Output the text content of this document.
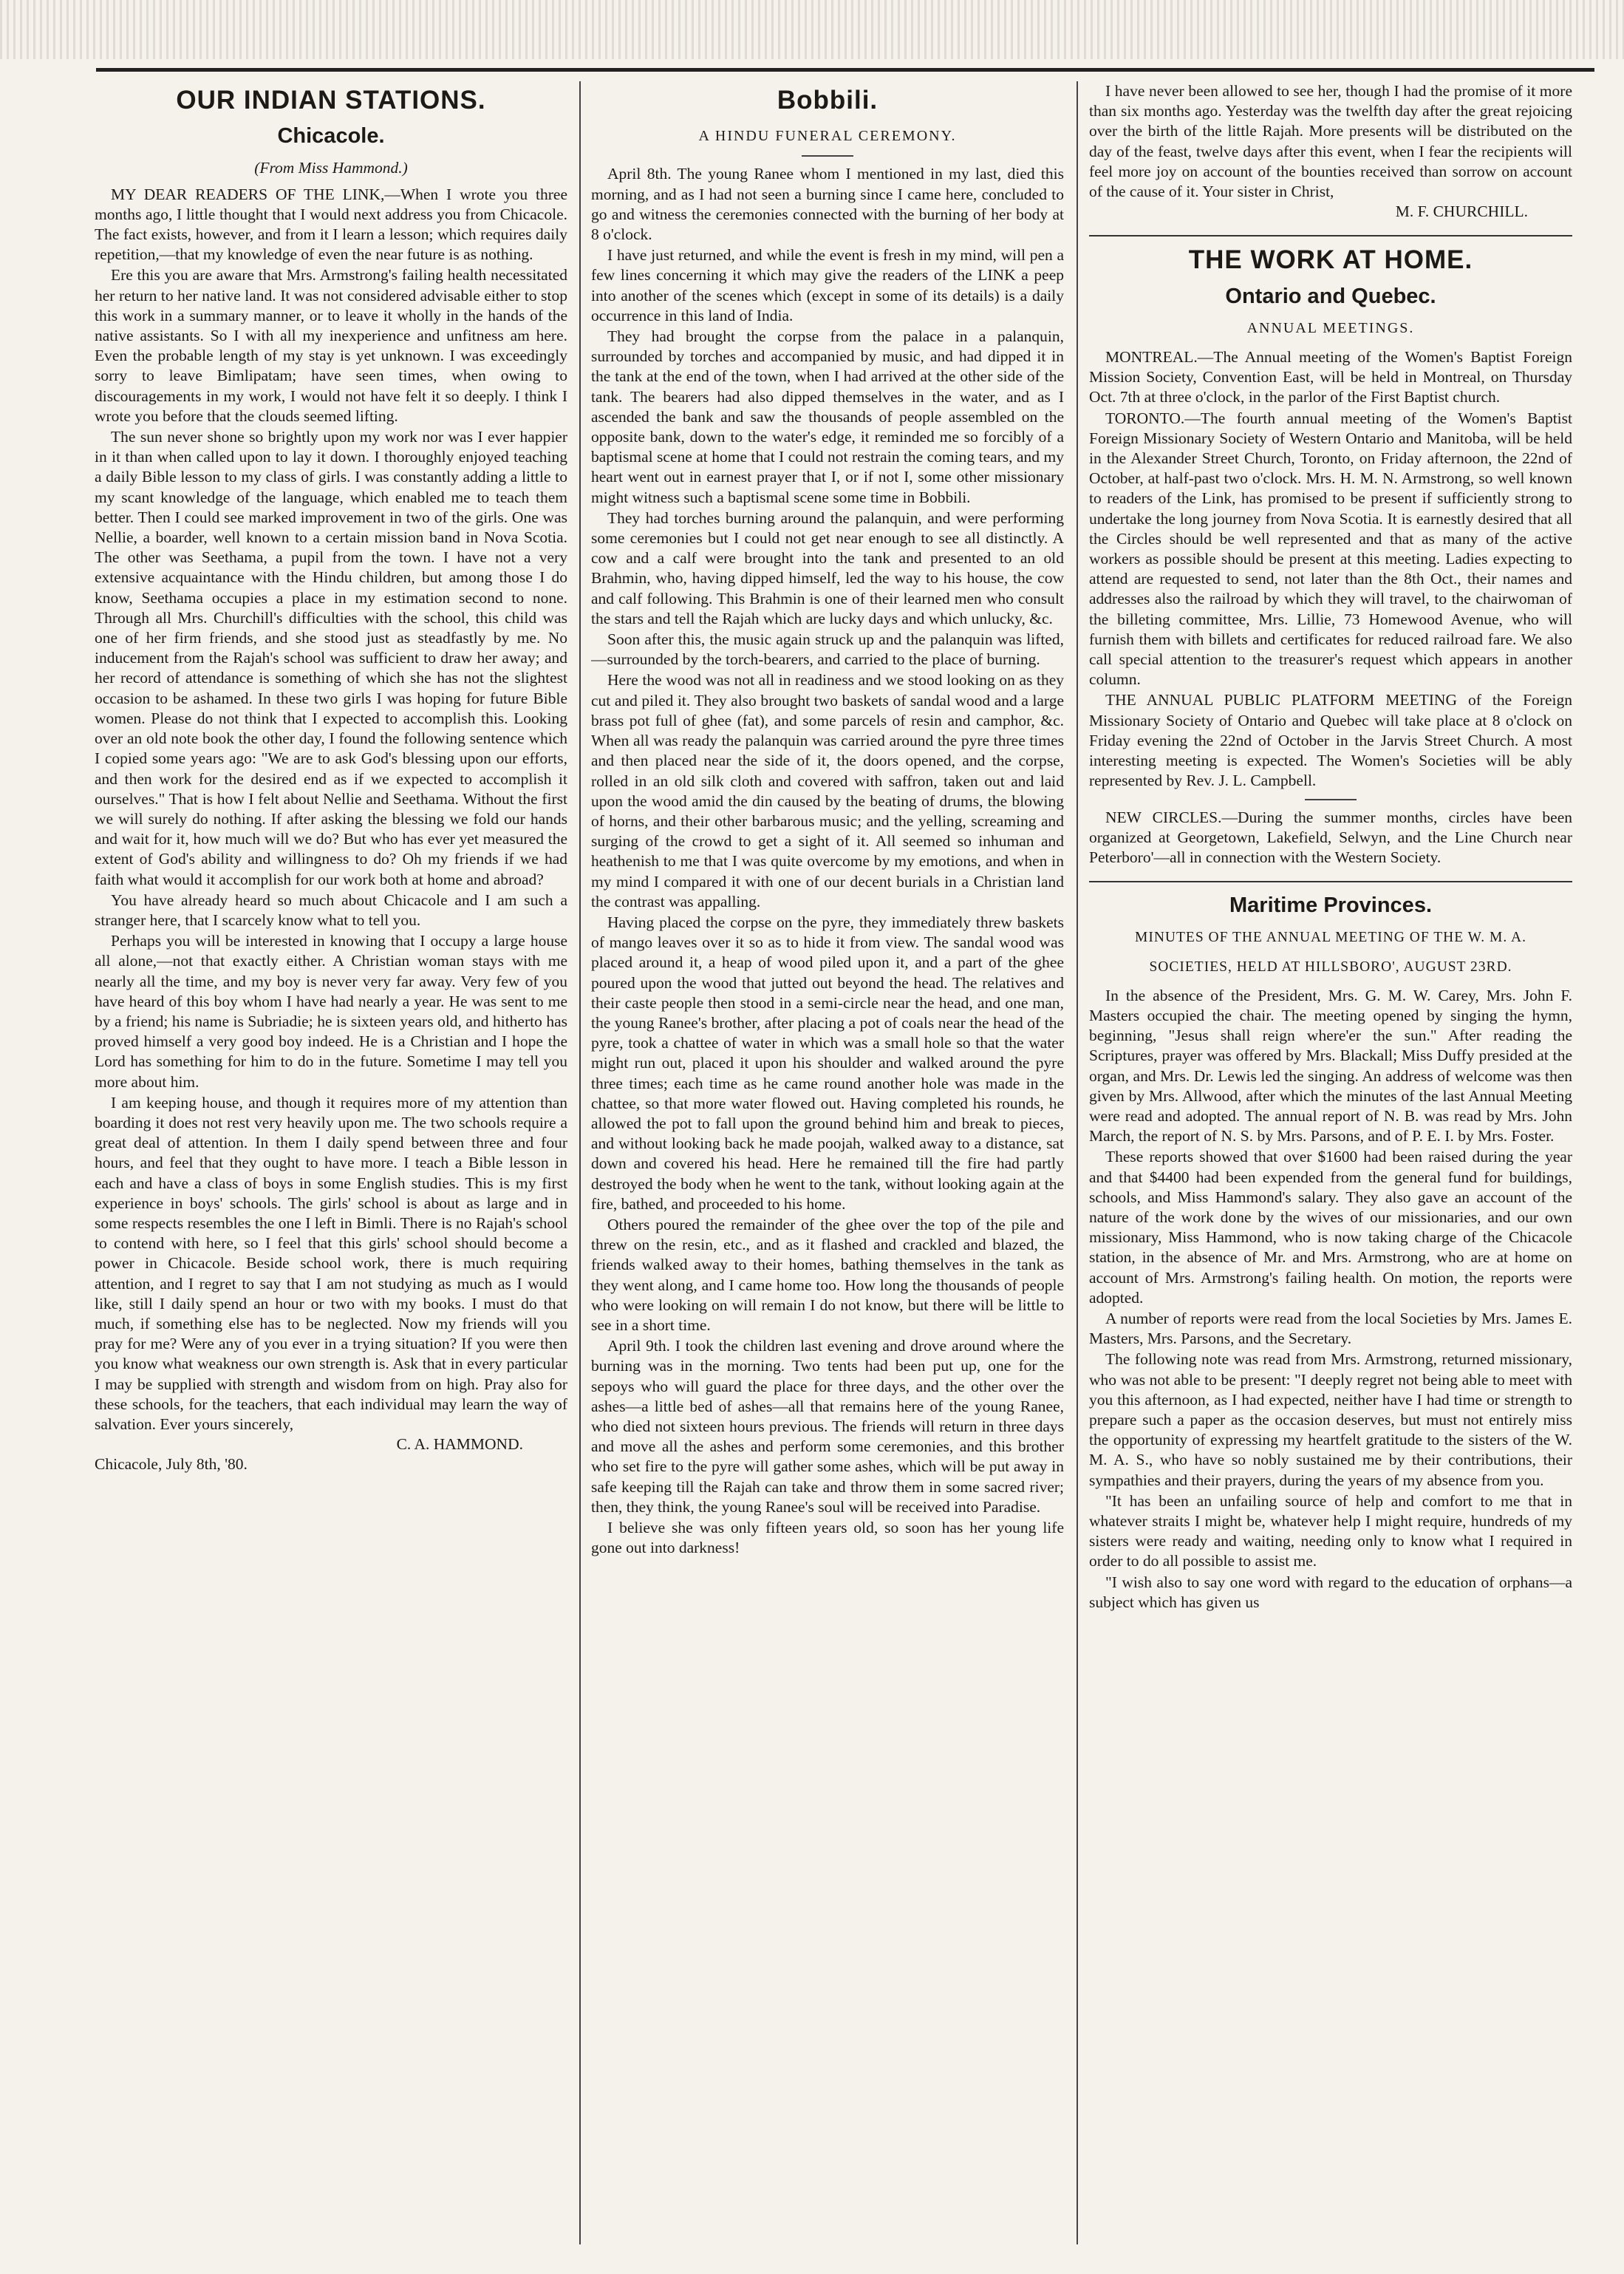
OUR INDIAN STATIONS.
Chicacole.
(From Miss Hammond.)

MY DEAR READERS OF THE LINK,—When I wrote you three months ago, I little thought that I would next address you from Chicacole. The fact exists, however, and from it I learn a lesson; which requires daily repetition,—that my knowledge of even the near future is as nothing.

Ere this you are aware that Mrs. Armstrong's failing health necessitated her return to her native land. It was not considered advisable either to stop this work in a summary manner, or to leave it wholly in the hands of the native assistants. So I with all my inexperience and unfitness am here. Even the probable length of my stay is yet unknown. I was exceedingly sorry to leave Bimlipatam; have seen times, when owing to discouragements in my work, I would not have felt it so deeply. I think I wrote you before that the clouds seemed lifting.

The sun never shone so brightly upon my work nor was I ever happier in it than when called upon to lay it down. I thoroughly enjoyed teaching a daily Bible lesson to my class of girls. I was constantly adding a little to my scant knowledge of the language, which enabled me to teach them better. Then I could see marked improvement in two of the girls. One was Nellie, a boarder, well known to a certain mission band in Nova Scotia. The other was Seethama, a pupil from the town. I have not a very extensive acquaintance with the Hindu children, but among those I do know, Seethama occupies a place in my estimation second to none. Through all Mrs. Churchill's difficulties with the school, this child was one of her firm friends, and she stood just as steadfastly by me. No inducement from the Rajah's school was sufficient to draw her away; and her record of attendance is something of which she has not the slightest occasion to be ashamed. In these two girls I was hoping for future Bible women. Please do not think that I expected to accomplish this. Looking over an old note book the other day, I found the following sentence which I copied some years ago: "We are to ask God's blessing upon our efforts, and then work for the desired end as if we expected to accomplish it ourselves." That is how I felt about Nellie and Seethama. Without the first we will surely do nothing. If after asking the blessing we fold our hands and wait for it, how much will we do? But who has ever yet measured the extent of God's ability and willingness to do? Oh my friends if we had faith what would it accomplish for our work both at home and abroad?

You have already heard so much about Chicacole and I am such a stranger here, that I scarcely know what to tell you.

Perhaps you will be interested in knowing that I occupy a large house all alone,—not that exactly either. A Christian woman stays with me nearly all the time, and my boy is never very far away. Very few of you have heard of this boy whom I have had nearly a year. He was sent to me by a friend; his name is Subriadie; he is sixteen years old, and hitherto has proved himself a very good boy indeed. He is a Christian and I hope the Lord has something for him to do in the future. Sometime I may tell you more about him.

I am keeping house, and though it requires more of my attention than boarding it does not rest very heavily upon me. The two schools require a great deal of attention. In them I daily spend between three and four hours, and feel that they ought to have more. I teach a Bible lesson in each and have a class of boys in some English studies. This is my first experience in boys' schools. The girls' school is about as large and in some respects resembles the one I left in Bimli. There is no Rajah's school to contend with here, so I feel that this girls' school should become a power in Chicacole. Beside school work, there is much requiring attention, and I regret to say that I am not studying as much as I would like, still I daily spend an hour or two with my books. I must do that much, if something else has to be neglected. Now my friends will you pray for me? Were any of you ever in a trying situation? If you were then you know what weakness our own strength is. Ask that in every particular I may be supplied with strength and wisdom from on high. Pray also for these schools, for the teachers, that each individual may learn the way of salvation. Ever yours sincerely,

C. A. HAMMOND.

Chicacole, July 8th, '80.

Bobbili.
A HINDU FUNERAL CEREMONY.

April 8th. The young Ranee whom I mentioned in my last, died this morning, and as I had not seen a burning since I came here, concluded to go and witness the ceremonies connected with the burning of her body at 8 o'clock.

I have just returned, and while the event is fresh in my mind, will pen a few lines concerning it which may give the readers of the LINK a peep into another of the scenes which (except in some of its details) is a daily occurrence in this land of India.

They had brought the corpse from the palace in a palanquin, surrounded by torches and accompanied by music, and had dipped it in the tank at the end of the town, when I had arrived at the other side of the tank. The bearers had also dipped themselves in the water, and as I ascended the bank and saw the thousands of people assembled on the opposite bank, down to the water's edge, it reminded me so forcibly of a baptismal scene at home that I could not restrain the coming tears, and my heart went out in earnest prayer that I, or if not I, some other missionary might witness such a baptismal scene some time in Bobbili.

They had torches burning around the palanquin, and were performing some ceremonies but I could not get near enough to see all distinctly. A cow and a calf were brought into the tank and presented to an old Brahmin, who, having dipped himself, led the way to his house, the cow and calf following. This Brahmin is one of their learned men who consult the stars and tell the Rajah which are lucky days and which unlucky, &c.

Soon after this, the music again struck up and the palanquin was lifted,—surrounded by the torch-bearers, and carried to the place of burning.

Here the wood was not all in readiness and we stood looking on as they cut and piled it. They also brought two baskets of sandal wood and a large brass pot full of ghee (fat), and some parcels of resin and camphor, &c. When all was ready the palanquin was carried around the pyre three times and then placed near the side of it, the doors opened, and the corpse, rolled in an old silk cloth and covered with saffron, taken out and laid upon the wood amid the din caused by the beating of drums, the blowing of horns, and their other barbarous music; and the yelling, screaming and surging of the crowd to get a sight of it. All seemed so inhuman and heathenish to me that I was quite overcome by my emotions, and when in my mind I compared it with one of our decent burials in a Christian land the contrast was appalling.

Having placed the corpse on the pyre, they immediately threw baskets of mango leaves over it so as to hide it from view. The sandal wood was placed around it, a heap of wood piled upon it, and a part of the ghee poured upon the wood that jutted out beyond the head. The relatives and their caste people then stood in a semi-circle near the head, and one man, the young Ranee's brother, after placing a pot of coals near the head of the pyre, took a chattee of water in which was a small hole so that the water might run out, placed it upon his shoulder and walked around the pyre three times; each time as he came round another hole was made in the chattee, so that more water flowed out. Having completed his rounds, he allowed the pot to fall upon the ground behind him and break to pieces, and without looking back he made poojah, walked away to a distance, sat down and covered his head. Here he remained till the fire had partly destroyed the body when he went to the tank, without looking again at the fire, bathed, and proceeded to his home.

Others poured the remainder of the ghee over the top of the pile and threw on the resin, etc., and as it flashed and crackled and blazed, the friends walked away to their homes, bathing themselves in the tank as they went along, and I came home too. How long the thousands of people who were looking on will remain I do not know, but there will be little to see in a short time.

April 9th. I took the children last evening and drove around where the burning was in the morning. Two tents had been put up, one for the sepoys who will guard the place for three days, and the other over the ashes—a little bed of ashes—all that remains here of the young Ranee, who died not sixteen hours previous. The friends will return in three days and move all the ashes and perform some ceremonies, and this brother who set fire to the pyre will gather some ashes, which will be put away in safe keeping till the Rajah can take and throw them in some sacred river; then, they think, the young Ranee's soul will be received into Paradise.

I believe she was only fifteen years old, so soon has her young life gone out into darkness!

I have never been allowed to see her, though I had the promise of it more than six months ago. Yesterday was the twelfth day after the great rejoicing over the birth of the little Rajah. More presents will be distributed on the day of the feast, twelve days after this event, when I fear the recipients will feel more joy on account of the bounties received than sorrow on account of the cause of it. Your sister in Christ,

M. F. CHURCHILL.
THE WORK AT HOME.
Ontario and Quebec.
ANNUAL MEETINGS.

MONTREAL.—The Annual meeting of the Women's Baptist Foreign Mission Society, Convention East, will be held in Montreal, on Thursday Oct. 7th at three o'clock, in the parlor of the First Baptist church.

TORONTO.—The fourth annual meeting of the Women's Baptist Foreign Missionary Society of Western Ontario and Manitoba, will be held in the Alexander Street Church, Toronto, on Friday afternoon, the 22nd of October, at half-past two o'clock. Mrs. H. M. N. Armstrong, so well known to readers of the Link, has promised to be present if sufficiently strong to undertake the long journey from Nova Scotia. It is earnestly desired that all the Circles should be well represented and that as many of the active workers as possible should be present at this meeting. Ladies expecting to attend are requested to send, not later than the 8th Oct., their names and addresses also the railroad by which they will travel, to the chairwoman of the billeting committee, Mrs. Lillie, 73 Homewood Avenue, who will furnish them with billets and certificates for reduced railroad fare. We also call special attention to the treasurer's request which appears in another column.

THE ANNUAL PUBLIC PLATFORM MEETING of the Foreign Missionary Society of Ontario and Quebec will take place at 8 o'clock on Friday evening the 22nd of October in the Jarvis Street Church. A most interesting meeting is expected. The Women's Societies will be ably represented by Rev. J. L. Campbell.

NEW CIRCLES.—During the summer months, circles have been organized at Georgetown, Lakefield, Selwyn, and the Line Church near Peterboro'—all in connection with the Western Society.

Maritime Provinces.
MINUTES OF THE ANNUAL MEETING OF THE W. M. A.
SOCIETIES, HELD AT HILLSBORO', AUGUST 23RD.

In the absence of the President, Mrs. G. M. W. Carey, Mrs. John F. Masters occupied the chair. The meeting opened by singing the hymn, beginning, "Jesus shall reign where'er the sun." After reading the Scriptures, prayer was offered by Mrs. Blackall; Miss Duffy presided at the organ, and Mrs. Dr. Lewis led the singing. An address of welcome was then given by Mrs. Allwood, after which the minutes of the last Annual Meeting were read and adopted. The annual report of N. B. was read by Mrs. John March, the report of N. S. by Mrs. Parsons, and of P. E. I. by Mrs. Foster.

These reports showed that over $1600 had been raised during the year and that $4400 had been expended from the general fund for buildings, schools, and Miss Hammond's salary. They also gave an account of the nature of the work done by the wives of our missionaries, and our own missionary, Miss Hammond, who is now taking charge of the Chicacole station, in the absence of Mr. and Mrs. Armstrong, who are at home on account of Mrs. Armstrong's failing health. On motion, the reports were adopted.

A number of reports were read from the local Societies by Mrs. James E. Masters, Mrs. Parsons, and the Secretary.

The following note was read from Mrs. Armstrong, returned missionary, who was not able to be present: "I deeply regret not being able to meet with you this afternoon, as I had expected, neither have I had time or strength to prepare such a paper as the occasion deserves, but must not entirely miss the opportunity of expressing my heartfelt gratitude to the sisters of the W. M. A. S., who have so nobly sustained me by their contributions, their sympathies and their prayers, during the years of my absence from you.

"It has been an unfailing source of help and comfort to me that in whatever straits I might be, whatever help I might require, hundreds of my sisters were ready and waiting, needing only to know what I required in order to do all possible to assist me.

"I wish also to say one word with regard to the education of orphans—a subject which has given us
